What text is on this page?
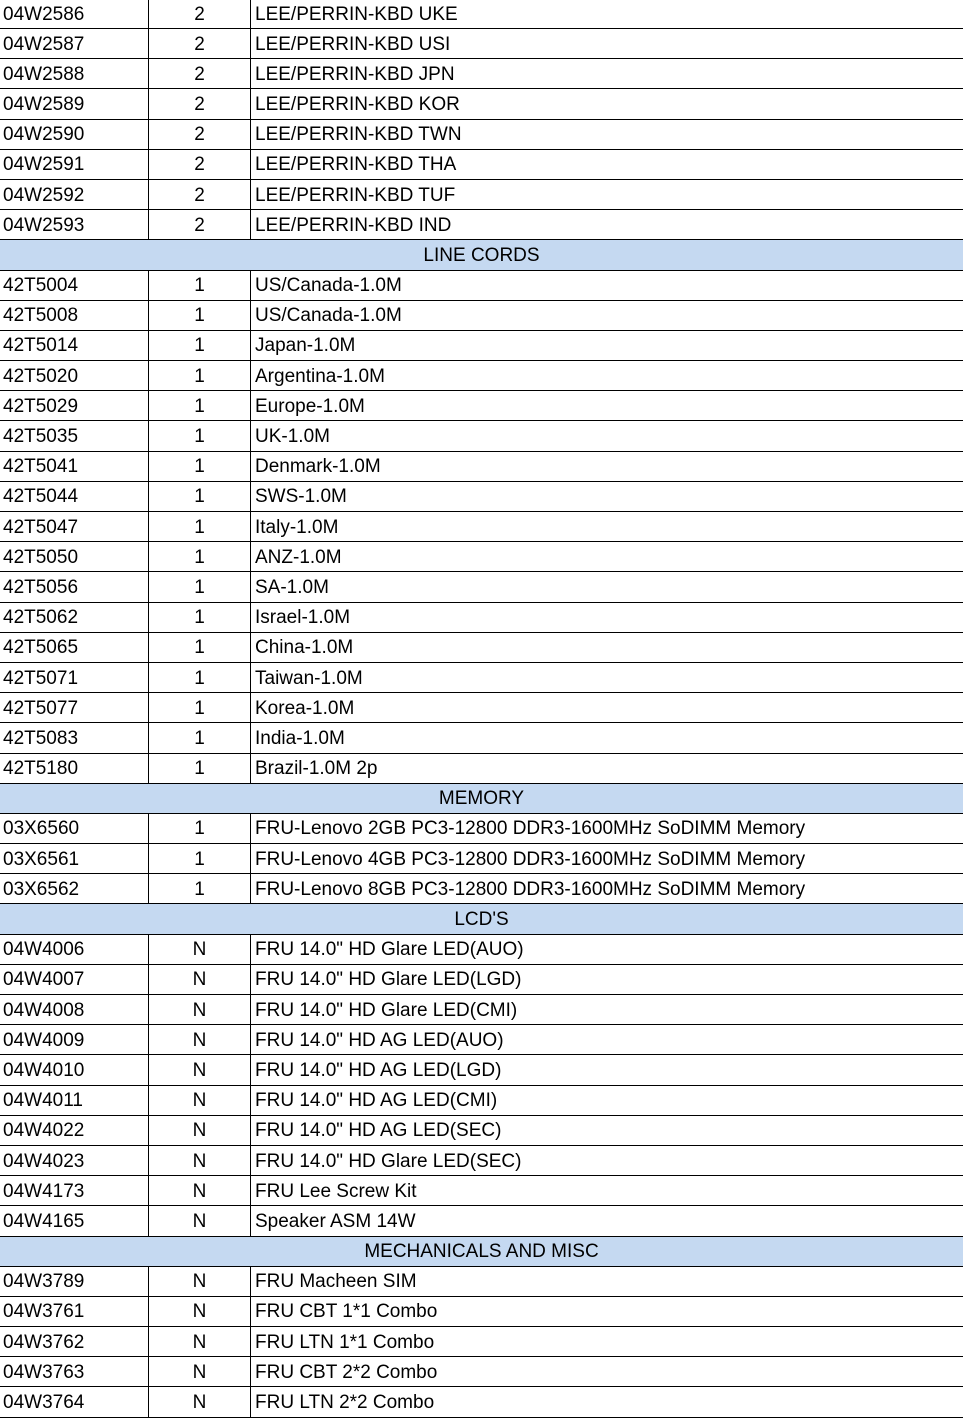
04W2586	2	LEE/PERRIN-KBD UKE
04W2587	2	LEE/PERRIN-KBD USI
04W2588	2	LEE/PERRIN-KBD JPN
04W2589	2	LEE/PERRIN-KBD KOR
04W2590	2	LEE/PERRIN-KBD TWN
04W2591	2	LEE/PERRIN-KBD THA
04W2592	2	LEE/PERRIN-KBD TUF
04W2593	2	LEE/PERRIN-KBD IND
LINE CORDS
42T5004	1	US/Canada-1.0M
42T5008	1	US/Canada-1.0M
42T5014	1	Japan-1.0M
42T5020	1	Argentina-1.0M
42T5029	1	Europe-1.0M
42T5035	1	UK-1.0M
42T5041	1	Denmark-1.0M
42T5044	1	SWS-1.0M
42T5047	1	Italy-1.0M
42T5050	1	ANZ-1.0M
42T5056	1	SA-1.0M
42T5062	1	Israel-1.0M
42T5065	1	China-1.0M
42T5071	1	Taiwan-1.0M
42T5077	1	Korea-1.0M
42T5083	1	India-1.0M
42T5180	1	Brazil-1.0M 2p
MEMORY
03X6560	1	FRU-Lenovo 2GB PC3-12800 DDR3-1600MHz SoDIMM Memory
03X6561	1	FRU-Lenovo 4GB PC3-12800 DDR3-1600MHz SoDIMM Memory
03X6562	1	FRU-Lenovo 8GB PC3-12800 DDR3-1600MHz SoDIMM Memory
LCD'S
04W4006	N	FRU 14.0" HD Glare LED(AUO)
04W4007	N	FRU 14.0" HD Glare LED(LGD)
04W4008	N	FRU 14.0" HD Glare LED(CMI)
04W4009	N	FRU 14.0" HD AG LED(AUO)
04W4010	N	FRU 14.0" HD AG LED(LGD)
04W4011	N	FRU 14.0" HD AG LED(CMI)
04W4022	N	FRU 14.0" HD AG LED(SEC)
04W4023	N	FRU 14.0" HD Glare LED(SEC)
04W4173	N	FRU Lee Screw Kit
04W4165	N	Speaker ASM 14W
MECHANICALS AND MISC
04W3789	N	FRU Macheen SIM
04W3761	N	FRU CBT 1*1 Combo
04W3762	N	FRU LTN 1*1 Combo
04W3763	N	FRU CBT 2*2 Combo
04W3764	N	FRU LTN 2*2 Combo
